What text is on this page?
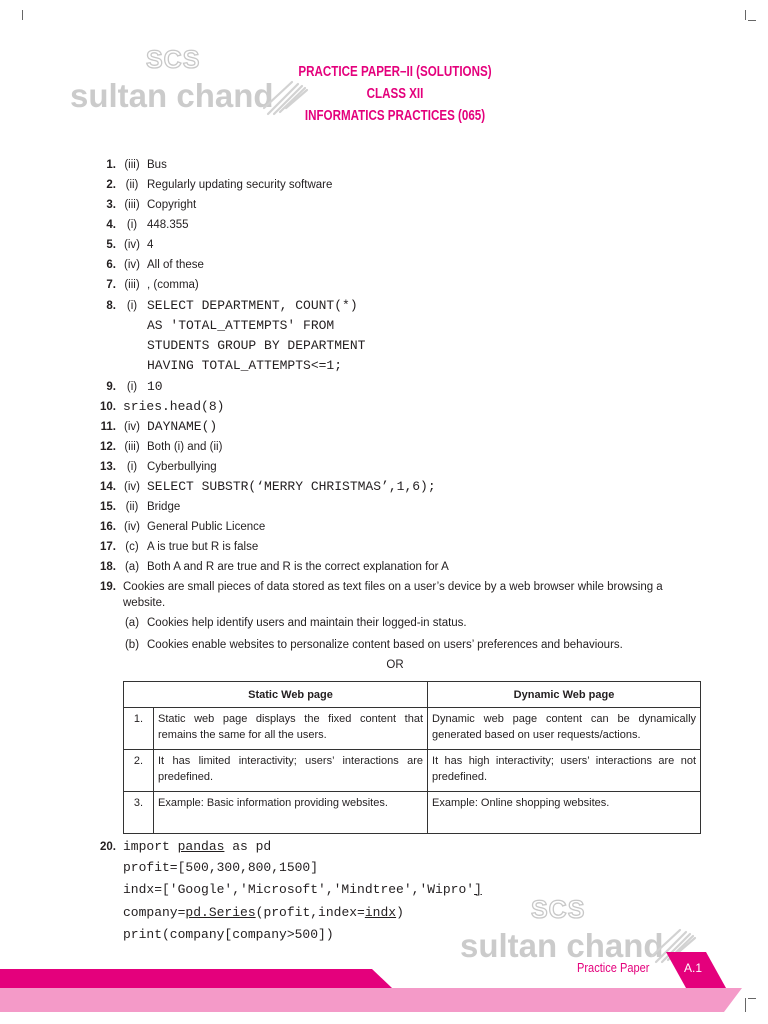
SCS
sultan chand
PRACTICE PAPER–II (SOLUTIONS)
CLASS XII
INFORMATICS PRACTICES (065)
1. (iii) Bus
2. (ii) Regularly updating security software
3. (iii) Copyright
4. (i) 448.355
5. (iv) 4
6. (iv) All of these
7. (iii) , (comma)
8. (i) SELECT DEPARTMENT, COUNT(*)
AS 'TOTAL_ATTEMPTS' FROM
STUDENTS GROUP BY DEPARTMENT
HAVING TOTAL_ATTEMPTS<=1;
9. (i) 10
10. sries.head(8)
11. (iv) DAYNAME()
12. (iii) Both (i) and (ii)
13. (i) Cyberbullying
14. (iv) SELECT SUBSTR(‘MERRY CHRISTMAS’,1,6);
15. (ii) Bridge
16. (iv) General Public Licence
17. (c) A is true but R is false
18. (a) Both A and R are true and R is the correct explanation for A
19. Cookies are small pieces of data stored as text files on a user’s device by a web browser while browsing a website.
(a) Cookies help identify users and maintain their logged-in status.
(b) Cookies enable websites to personalize content based on users’ preferences and behaviours.
OR
Static Web page		Dynamic Web page
1.	Static web page displays the fixed content that remains the same for all the users.	Dynamic web page content can be dynamically generated based on user requests/actions.
2.	It has limited interactivity; users’ interactions are predefined.	It has high interactivity; users’ interactions are not predefined.
3.	Example: Basic information providing websites.	Example: Online shopping websites.
20. import pandas as pd
profit=[500,300,800,1500]
indx=['Google','Microsoft','Mindtree','Wipro']
company=pd.Series(profit,index=indx)
print(company[company>500])
SCS
sultan chand
Practice Paper	A.1
